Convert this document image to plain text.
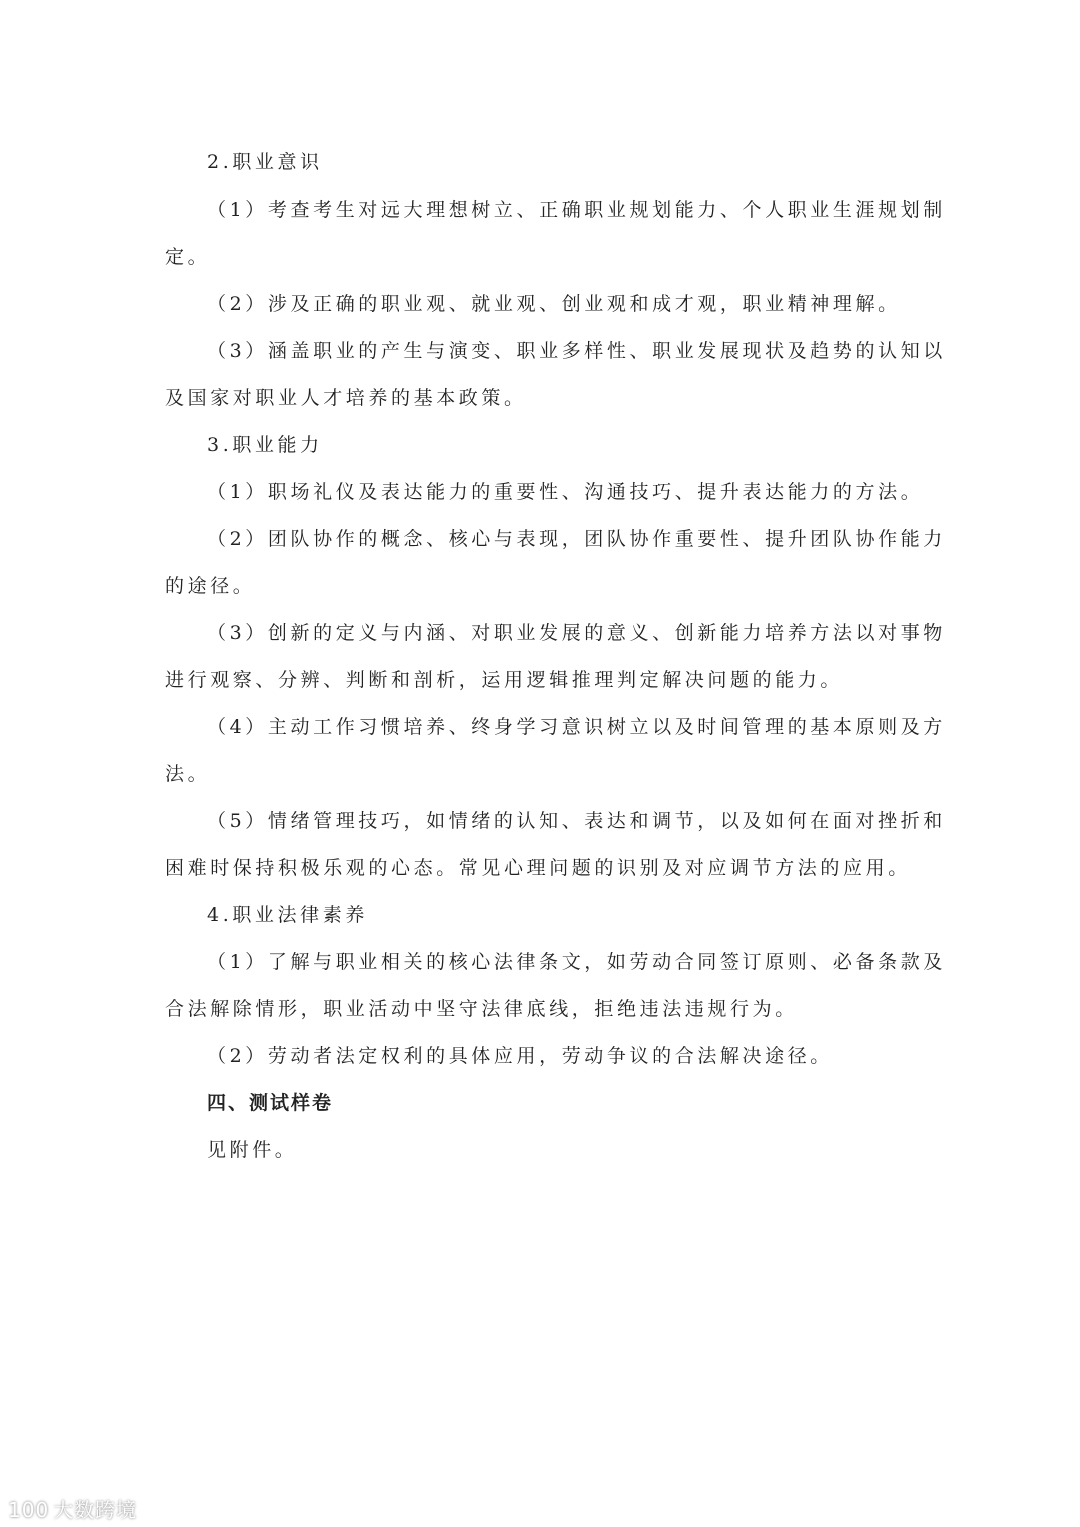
2.职业意识
（1）考查考生对远大理想树立、正确职业规划能力、个人职业生涯规划制
定。
（2）涉及正确的职业观、就业观、创业观和成才观，职业精神理解。
（3）涵盖职业的产生与演变、职业多样性、职业发展现状及趋势的认知以
及国家对职业人才培养的基本政策。
3.职业能力
（1）职场礼仪及表达能力的重要性、沟通技巧、提升表达能力的方法。
（2）团队协作的概念、核心与表现，团队协作重要性、提升团队协作能力
的途径。
（3）创新的定义与内涵、对职业发展的意义、创新能力培养方法以对事物
进行观察、分辨、判断和剖析，运用逻辑推理判定解决问题的能力。
（4）主动工作习惯培养、终身学习意识树立以及时间管理的基本原则及方
法。
（5）情绪管理技巧，如情绪的认知、表达和调节，以及如何在面对挫折和
困难时保持积极乐观的心态。常见心理问题的识别及对应调节方法的应用。
4.职业法律素养
（1）了解与职业相关的核心法律条文，如劳动合同签订原则、必备条款及
合法解除情形，职业活动中坚守法律底线，拒绝违法违规行为。
（2）劳动者法定权利的具体应用，劳动争议的合法解决途径。
四、测试样卷
见附件。
100 大数跨境
